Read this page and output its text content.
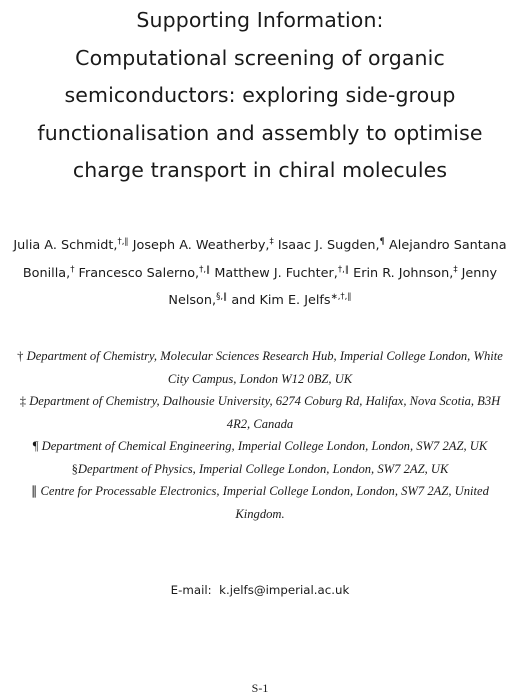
Supporting Information:
Computational screening of organic
semiconductors: exploring side-group
functionalisation and assembly to optimise
charge transport in chiral molecules
Julia A. Schmidt,†,∥ Joseph A. Weatherby,‡ Isaac J. Sugden,¶ Alejandro Santana
Bonilla,† Francesco Salerno,†,∥ Matthew J. Fuchter,†,∥ Erin R. Johnson,‡ Jenny
Nelson,§,∥ and Kim E. Jelfs∗,†,∥
† Department of Chemistry, Molecular Sciences Research Hub, Imperial College London, White
City Campus, London W12 0BZ, UK
‡ Department of Chemistry, Dalhousie University, 6274 Coburg Rd, Halifax, Nova Scotia, B3H
4R2, Canada
¶ Department of Chemical Engineering, Imperial College London, London, SW7 2AZ, UK
§Department of Physics, Imperial College London, London, SW7 2AZ, UK
∥ Centre for Processable Electronics, Imperial College London, London, SW7 2AZ, United
Kingdom.
E-mail: k.jelfs@imperial.ac.uk
S-1
